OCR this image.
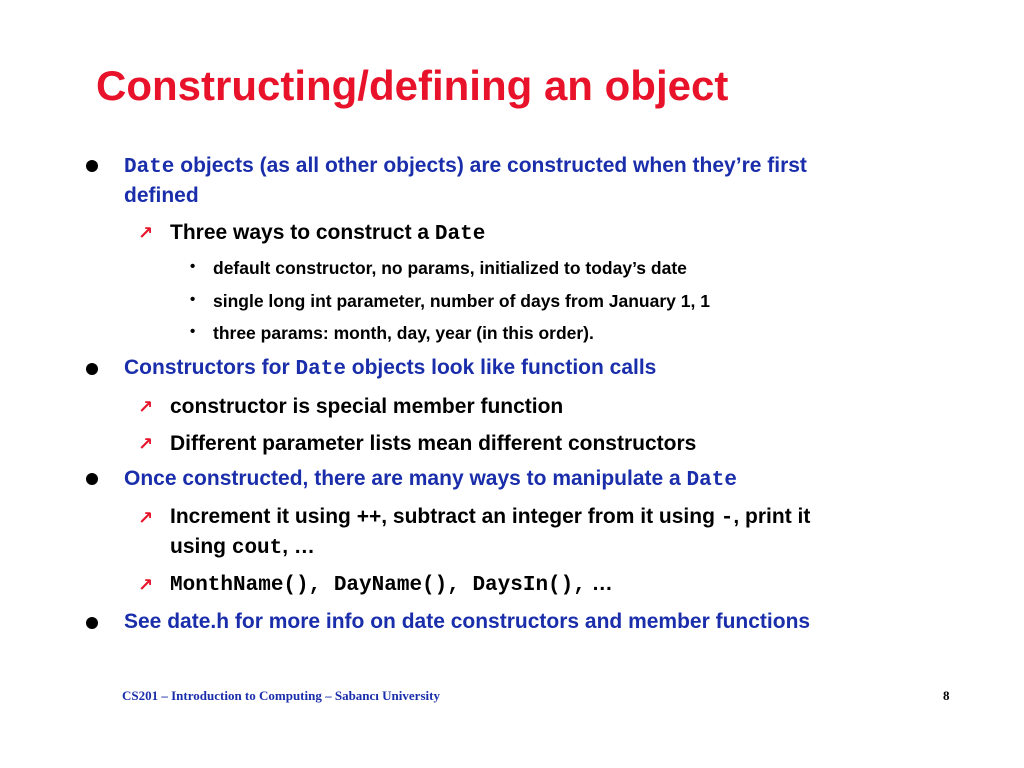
Constructing/defining an object
Date objects (as all other objects) are constructed when they’re first
defined
↗ Three ways to construct a Date
• default constructor, no params, initialized to today’s date
• single long int parameter, number of days from January 1, 1
• three params: month, day, year (in this order).
Constructors for Date objects look like function calls
↗ constructor is special member function
↗ Different parameter lists mean different constructors
Once constructed, there are many ways to manipulate a Date
↗ Increment it using ++, subtract an integer from it using -, print it
using cout, …
↗ MonthName(), DayName(), DaysIn(), …
See date.h for more info on date constructors and member functions
CS201 – Introduction to Computing – Sabancı University	8
